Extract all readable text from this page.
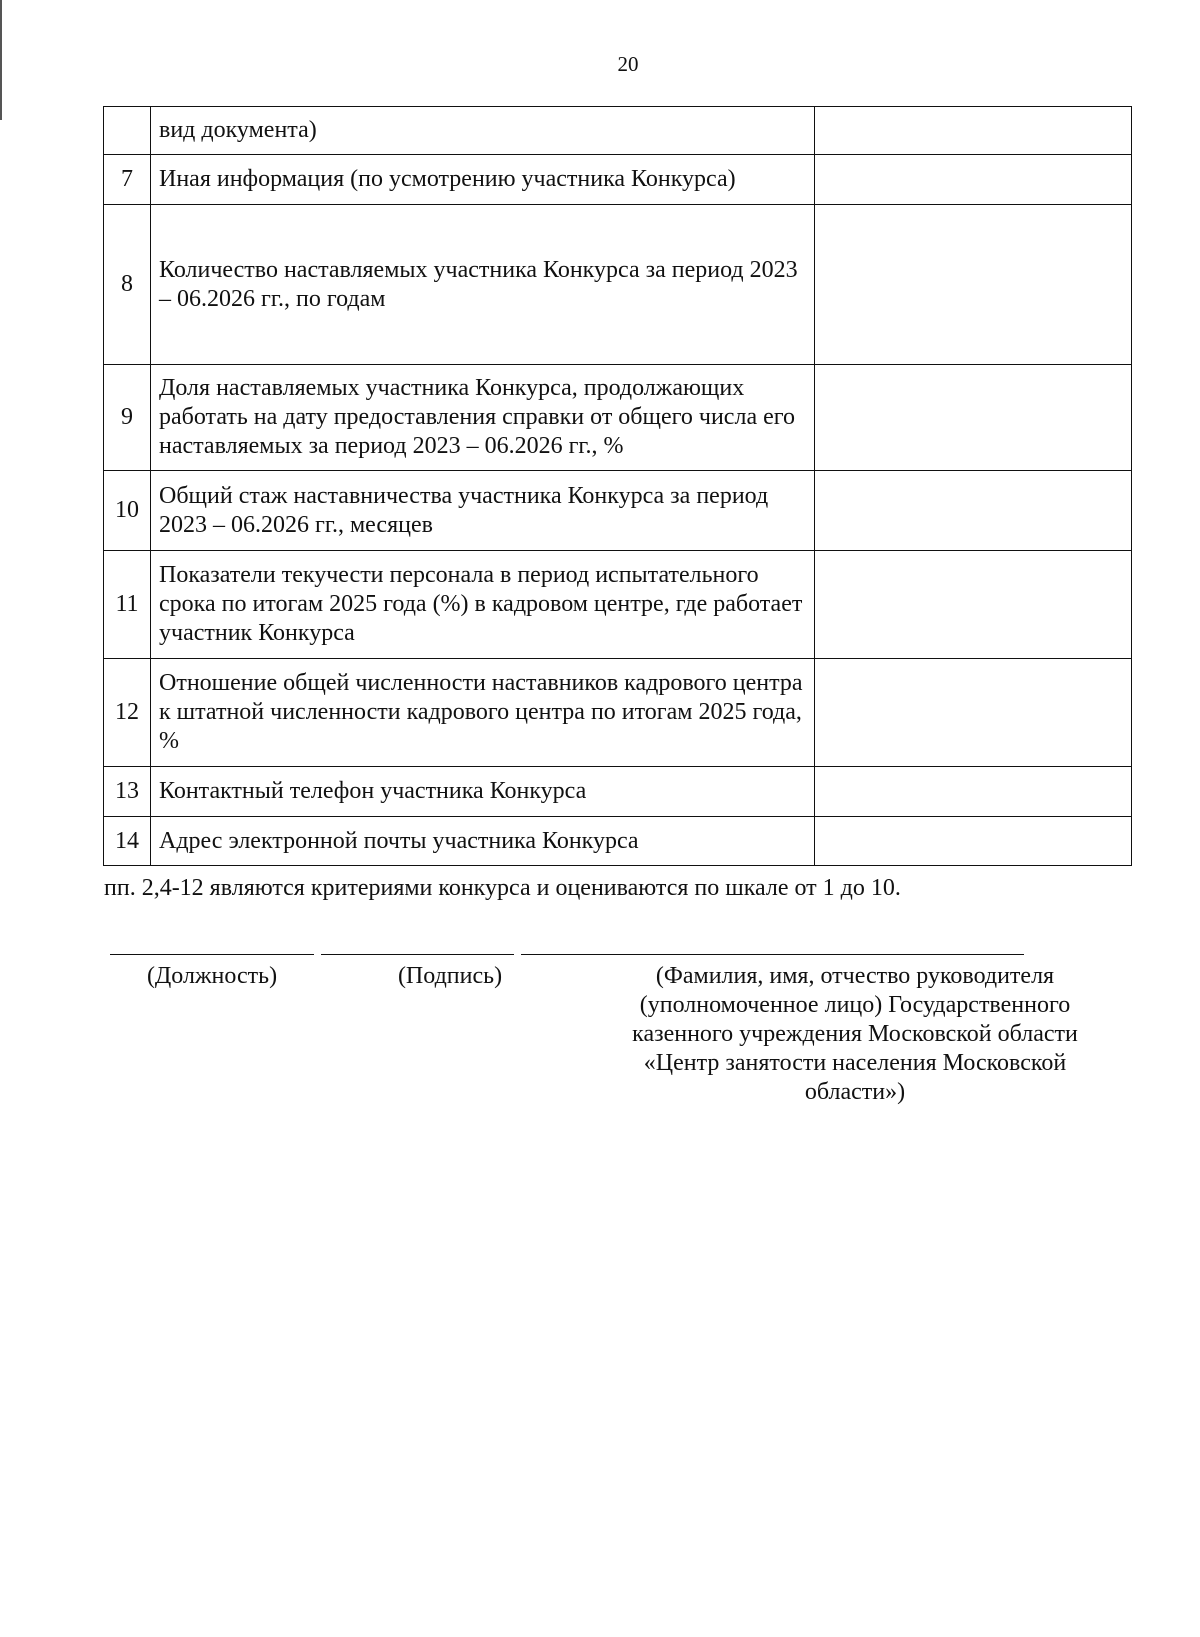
20
	вид документа)	
7	Иная информация (по усмотрению участника Конкурса)	
8	Количество наставляемых участника Конкурса за период 2023 – 06.2026 гг., по годам	
9	Доля наставляемых участника Конкурса, продолжающих работать на дату предоставления справки от общего числа его наставляемых за период 2023 – 06.2026 гг., %	
10	Общий стаж наставничества участника Конкурса за период 2023 – 06.2026 гг., месяцев	
11	Показатели текучести персонала в период испытательного срока по итогам 2025 года (%) в кадровом центре, где работает участник Конкурса	
12	Отношение общей численности наставников кадрового центра к штатной численности кадрового центра по итогам 2025 года, %	
13	Контактный телефон участника Конкурса	
14	Адрес электронной почты участника Конкурса	
пп. 2,4-12 являются критериями конкурса и оцениваются по шкале от 1 до 10.
(Должность)	(Подпись)	(Фамилия, имя, отчество руководителя (уполномоченное лицо) Государственного казенного учреждения Московской области «Центр занятости населения Московской области»)
